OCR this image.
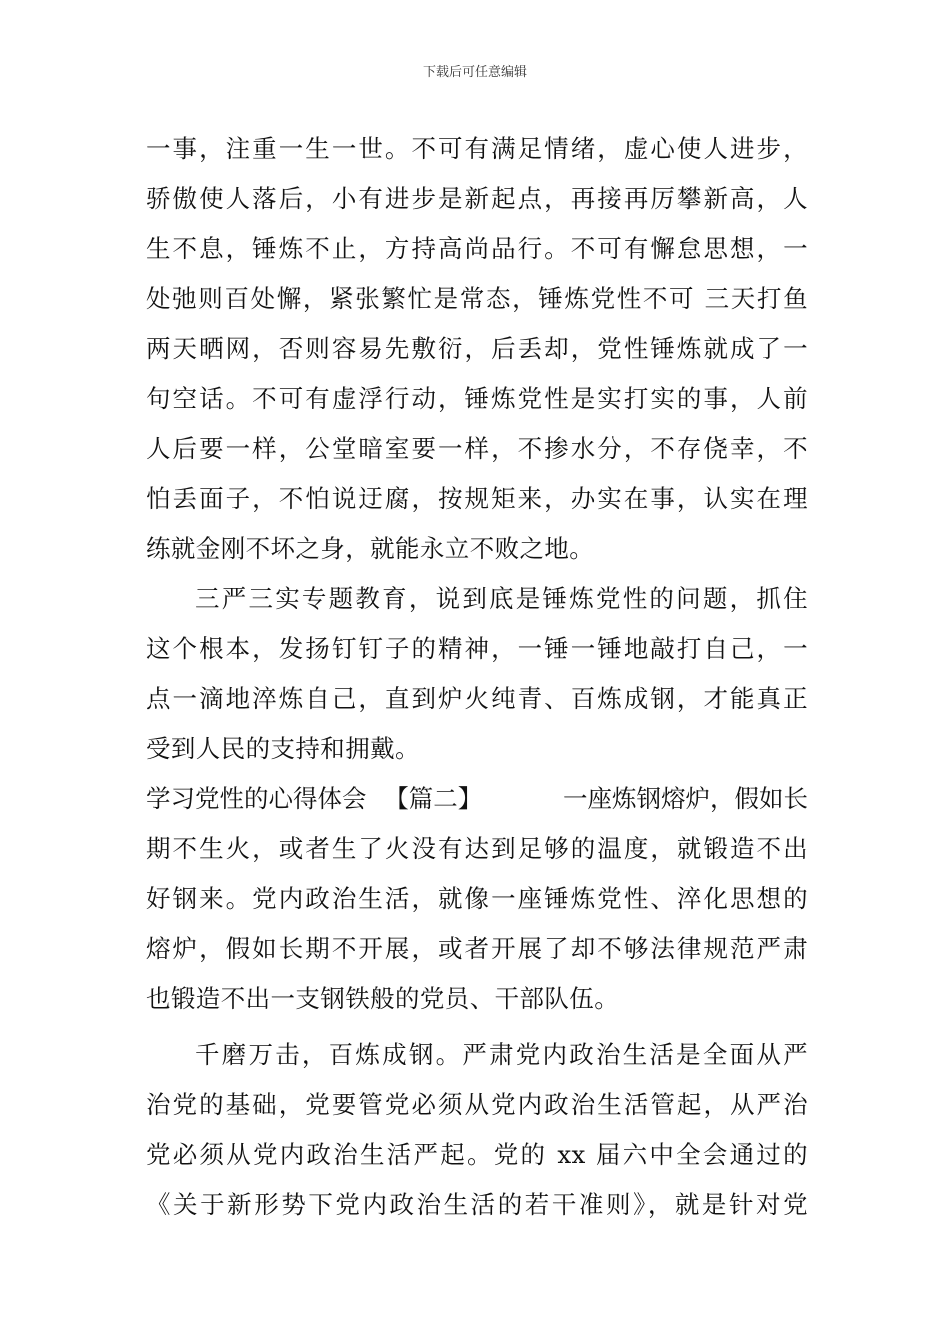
下载后可任意编辑
一事，注重一生一世。不可有满足情绪，虚心使人进步，
骄傲使人落后，小有进步是新起点，再接再厉攀新高，人
生不息，锤炼不止，方持高尚品行。不可有懈怠思想，一
处弛则百处懈，紧张繁忙是常态，锤炼党性不可 三天打鱼
两天晒网，否则容易先敷衍，后丢却，党性锤炼就成了一
句空话。不可有虚浮行动，锤炼党性是实打实的事，人前
人后要一样，公堂暗室要一样，不掺水分，不存侥幸，不
怕丢面子，不怕说迂腐，按规矩来，办实在事，认实在理
练就金刚不坏之身，就能永立不败之地。
三严三实专题教育，说到底是锤炼党性的问题，抓住
这个根本，发扬钉钉子的精神，一锤一锤地敲打自己，一
点一滴地淬炼自己，直到炉火纯青、百炼成钢，才能真正
受到人民的支持和拥戴。
学习党性的心得体会 【篇二】	一座炼钢熔炉，假如长
期不生火，或者生了火没有达到足够的温度，就锻造不出
好钢来。党内政治生活，就像一座锤炼党性、淬化思想的
熔炉，假如长期不开展，或者开展了却不够法律规范严肃
也锻造不出一支钢铁般的党员、干部队伍。
千磨万击，百炼成钢。严肃党内政治生活是全面从严
治党的基础，党要管党必须从党内政治生活管起，从严治
党必须从党内政治生活严起。党的 xx 届六中全会通过的
《关于新形势下党内政治生活的若干准则》，就是针对党
